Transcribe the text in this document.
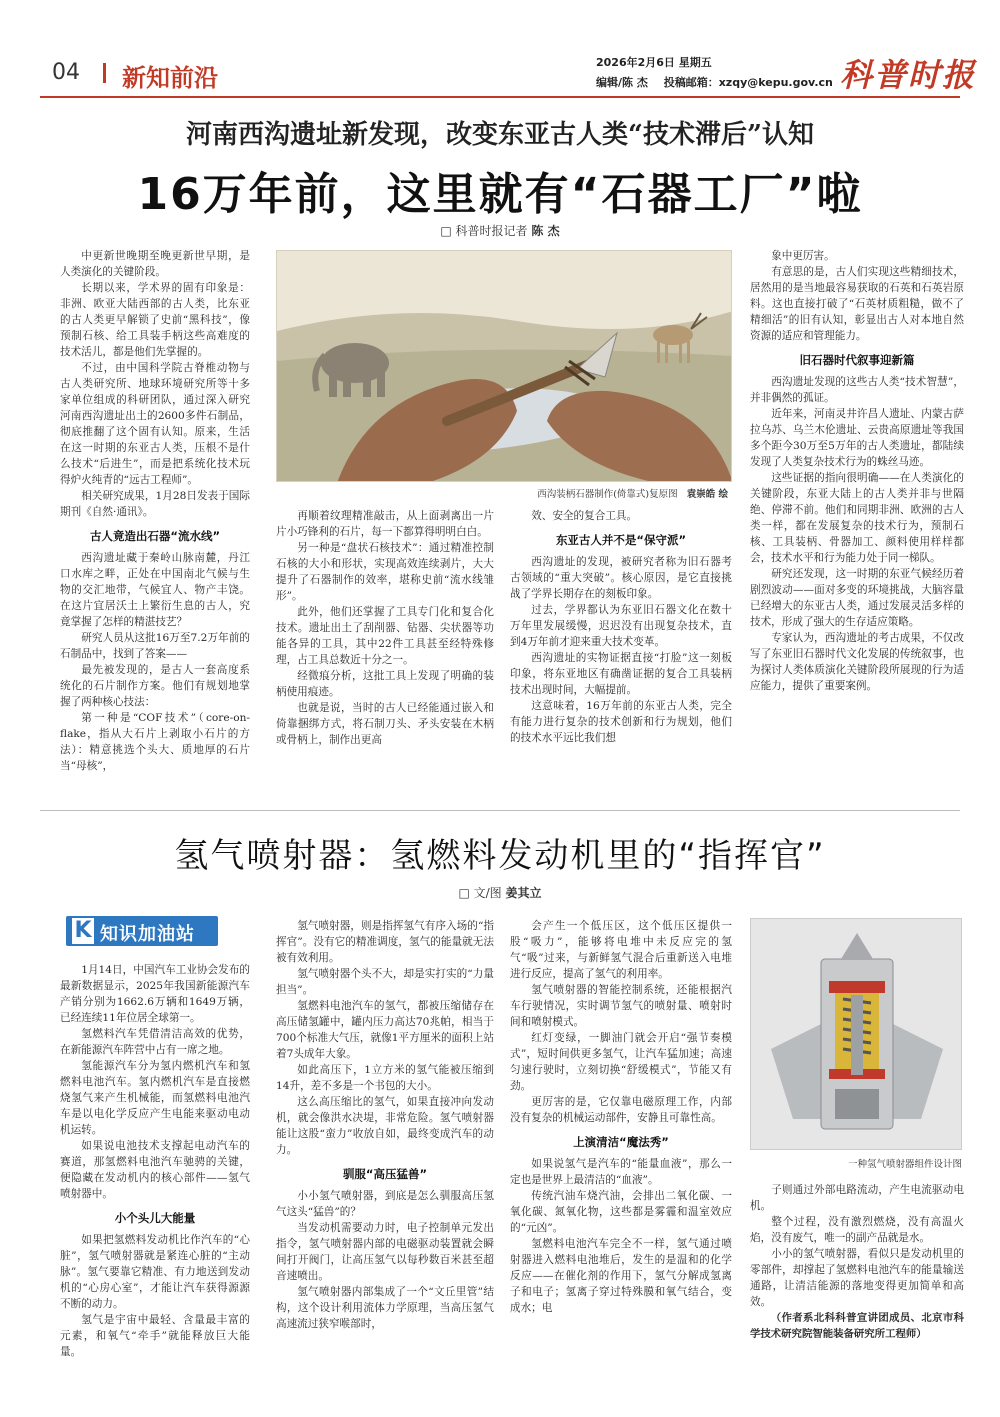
04 新知前沿
2026年2月6日 星期五
编辑/陈 杰 投稿邮箱：xzqy@kepu.gov.cn 科普时报
河南西沟遗址新发现，改变东亚古人类“技术滞后”认知
16万年前，这里就有“石器工厂”啦
□ 科普时报记者 陈 杰

中更新世晚期至晚更新世早期，是人类演化的关键阶段。

长期以来，学术界的固有印象是：非洲、欧亚大陆西部的古人类，比东亚的古人类更早解锁了史前“黑科技”，像预制石核、给工具装手柄这些高难度的技术活儿，都是他们先掌握的。

不过，由中国科学院古脊椎动物与古人类研究所、地球环境研究所等十多家单位组成的科研团队，通过深入研究河南西沟遗址出土的2600多件石制品，彻底推翻了这个固有认知。原来，生活在这一时期的东亚古人类，压根不是什么技术“后进生”，而是把系统化技术玩得炉火纯青的“远古工程师”。

相关研究成果，1月28日发表于国际期刊《自然·通讯》。

古人竟造出石器“流水线”

西沟遗址藏于秦岭山脉南麓，丹江口水库之畔，正处在中国南北气候与生物的交汇地带，气候宜人、物产丰饶。在这片宜居沃土上繁衍生息的古人，究竟掌握了怎样的精湛技艺？

研究人员从这批16万至7.2万年前的石制品中，找到了答案——

最先被发现的，是古人一套高度系统化的石片制作方案。他们有规划地掌握了两种核心技法：

第一种是“COF技术”（core-on-flake，指从大石片上剥取小石片的方法）：精意挑选个头大、质地厚的石片当“母核”，

西沟装柄石器制作(倚靠式)复原图 袁崇皓 绘

再顺着纹理精准敲击，从上面剥离出一片片小巧锋利的石片，每一下都算得明明白白。

另一种是“盘状石核技术”：通过精准控制石核的大小和形状，实现高效连续剥片，大大提升了石器制作的效率，堪称史前“流水线雏形”。

此外，他们还掌握了工具专门化和复合化技术。遗址出土了刮削器、钻器、尖状器等功能各异的工具，其中22件工具甚至经特殊修理，占工具总数近十分之一。

经微痕分析，这批工具上发现了明确的装柄使用痕迹。

也就是说，当时的古人已经能通过嵌入和倚靠捆绑方式，将石制刀头、矛头安装在木柄或骨柄上，制作出更高

效、安全的复合工具。

东亚古人并不是“保守派”

西沟遗址的发现，被研究者称为旧石器考古领域的“重大突破”。核心原因，是它直接挑战了学界长期存在的刻板印象。

过去，学界都认为东亚旧石器文化在数十万年里发展缓慢，迟迟没有出现复杂技术，直到4万年前才迎来重大技术变革。

西沟遗址的实物证据直接“打脸”这一刻板印象，将东亚地区有确凿证据的复合工具装柄技术出现时间，大幅提前。

这意味着，16万年前的东亚古人类，完全有能力进行复杂的技术创新和行为规划，他们的技术水平远比我们想

象中更厉害。

有意思的是，古人们实现这些精细技术，居然用的是当地最容易获取的石英和石英岩原料。这也直接打破了“石英材质粗糙，做不了精细活”的旧有认知，彰显出古人对本地自然资源的适应和管理能力。

旧石器时代叙事迎新篇

西沟遗址发现的这些古人类“技术智慧”，并非偶然的孤证。

近年来，河南灵井许昌人遗址、内蒙古萨拉乌苏、乌兰木伦遗址、云贵高原遗址等我国多个距今30万至5万年的古人类遗址，都陆续发现了人类复杂技术行为的蛛丝马迹。

这些证据的指向很明确——在人类演化的关键阶段，东亚大陆上的古人类并非与世隔绝、停滞不前。他们和同期非洲、欧洲的古人类一样，都在发展复杂的技术行为，预制石核、工具装柄、骨器加工、颜料使用样样都会，技术水平和行为能力处于同一梯队。

研究还发现，这一时期的东亚气候经历着剧烈波动——面对多变的环境挑战，大脑容量已经增大的东亚古人类，通过发展灵活多样的技术，形成了强大的生存适应策略。

专家认为，西沟遗址的考古成果，不仅改写了东亚旧石器时代文化发展的传统叙事，也为探讨人类体质演化关键阶段所展现的行为适应能力，提供了重要案例。

氢气喷射器：氢燃料发动机里的“指挥官”
□ 文/图 姜其立
K 知识加油站

1月14日，中国汽车工业协会发布的最新数据显示，2025年我国新能源汽车产销分别为1662.6万辆和1649万辆，已经连续11年位居全球第一。

氢燃料汽车凭借清洁高效的优势，在新能源汽车阵营中占有一席之地。

氢能源汽车分为氢内燃机汽车和氢燃料电池汽车。氢内燃机汽车是直接燃烧氢气来产生机械能，而氢燃料电池汽车是以电化学反应产生电能来驱动电动机运转。

如果说电池技术支撑起电动汽车的赛道，那氢燃料电池汽车驰骋的关键，便隐藏在发动机内的核心部件——氢气喷射器中。

小个头儿大能量

如果把氢燃料发动机比作汽车的“心脏”，氢气喷射器就是紧连心脏的“主动脉”。氢气要靠它精准、有力地送到发动机的“心房心室”，才能让汽车获得源源不断的动力。

氢气是宇宙中最轻、含量最丰富的元素，和氧气“牵手”就能释放巨大能量。

氢气喷射器，则是指挥氢气有序入场的“指挥官”。没有它的精准调度，氢气的能量就无法被有效利用。

氢气喷射器个头不大，却是实打实的“力量担当”。

氢燃料电池汽车的氢气，都被压缩储存在高压储氢罐中，罐内压力高达70兆帕，相当于700个标准大气压，就像1平方厘米的面积上站着7头成年大象。

如此高压下，1立方米的氢气能被压缩到14升，差不多是一个书包的大小。

这么高压缩比的氢气，如果直接冲向发动机，就会像洪水决堤，非常危险。氢气喷射器能让这股“蛮力”收放自如，最终变成汽车的动力。

驯服“高压猛兽”

小小氢气喷射器，到底是怎么驯服高压氢气这头“猛兽”的？

当发动机需要动力时，电子控制单元发出指令，氢气喷射器内部的电磁驱动装置就会瞬间打开阀门，让高压氢气以每秒数百米甚至超音速喷出。

氢气喷射器内部集成了一个“文丘里管”结构，这个设计利用流体力学原理，当高压氢气高速流过狭窄喉部时，

会产生一个低压区，这个低压区提供一股“吸力”，能够将电堆中未反应完的氢气“吸”过来，与新鲜氢气混合后重新送入电堆进行反应，提高了氢气的利用率。

氢气喷射器的智能控制系统，还能根据汽车行驶情况，实时调节氢气的喷射量、喷射时间和喷射模式。

红灯变绿，一脚油门就会开启“强节奏模式”，短时间供更多氢气，让汽车猛加速；高速匀速行驶时，立刻切换“舒缓模式”，节能又有劲。

更厉害的是，它仅靠电磁原理工作，内部没有复杂的机械运动部件，安静且可靠性高。

上演清洁“魔法秀”

如果说氢气是汽车的“能量血液”，那么一定也是世界上最清洁的“血液”。

传统汽油车烧汽油，会排出二氧化碳、一氧化碳、氮氧化物，这些都是雾霾和温室效应的“元凶”。

氢燃料电池汽车完全不一样，氢气通过喷射器进入燃料电池堆后，发生的是温和的化学反应——在催化剂的作用下，氢气分解成氢离子和电子；氢离子穿过特殊膜和氧气结合，变成水；电

一种氢气喷射器组件设计图

子则通过外部电路流动，产生电流驱动电机。

整个过程，没有激烈燃烧，没有高温火焰，没有废气，唯一的副产品就是水。

小小的氢气喷射器，看似只是发动机里的零部件，却撑起了氢燃料电池汽车的能量输送通路，让清洁能源的落地变得更加简单和高效。

（作者系北科科普宣讲团成员、北京市科学技术研究院智能装备研究所工程师）
